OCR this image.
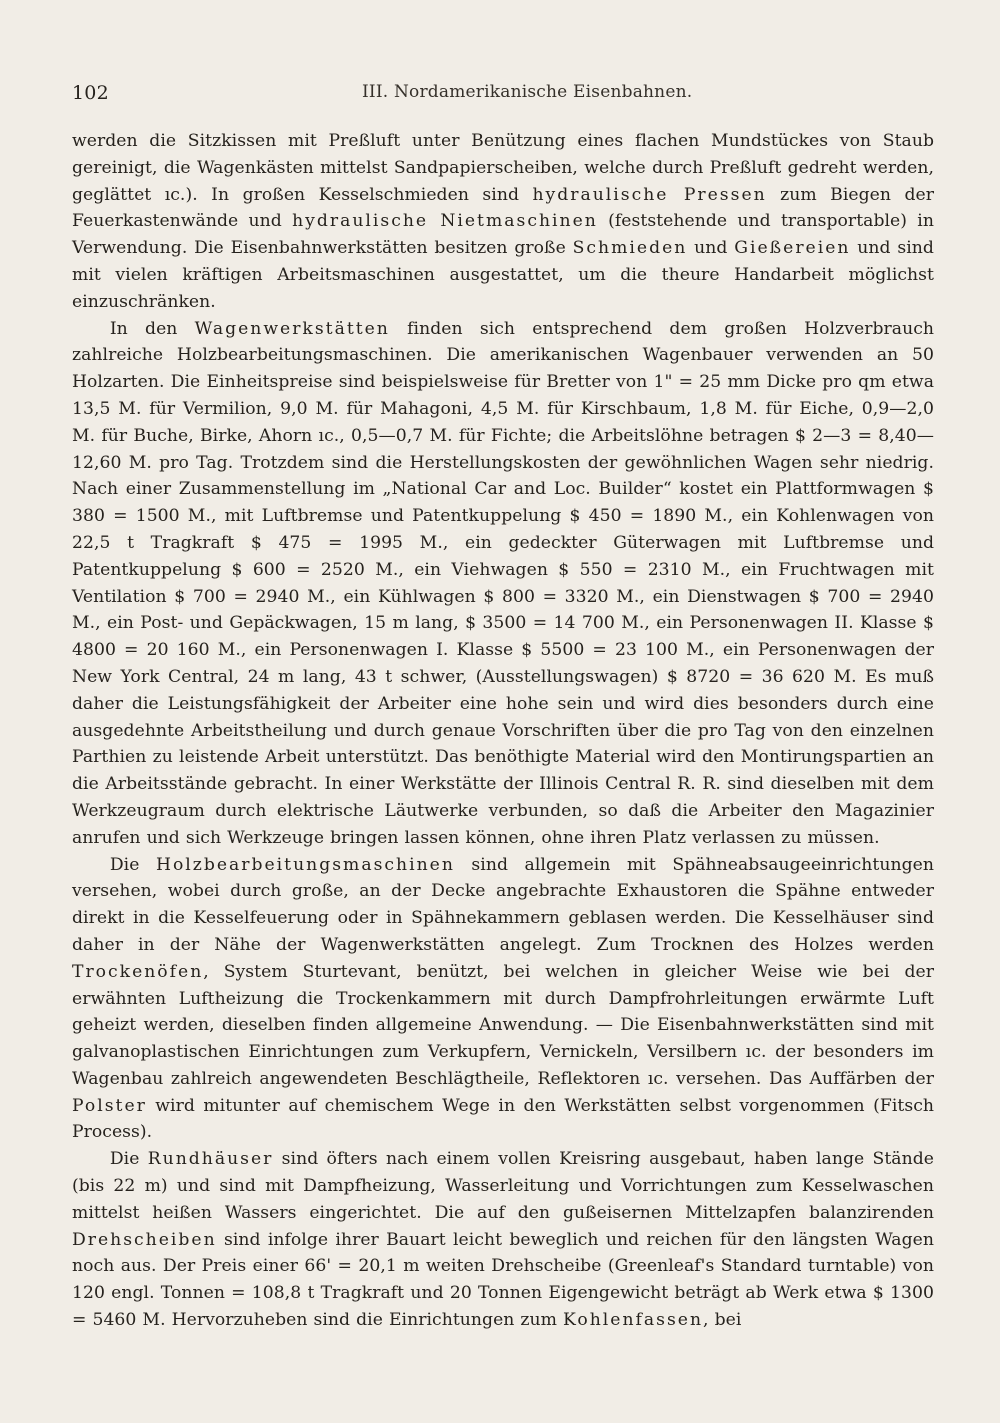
102	III. Nordamerikanische Eisenbahnen.

werden die Sitzkissen mit Preßluft unter Benützung eines flachen Mundstückes von Staub gereinigt, die Wagenkästen mittelst Sandpapierscheiben, welche durch Preßluft gedreht werden, geglättet ıc.). In großen Kesselschmieden sind hydraulische Pressen zum Biegen der Feuerkastenwände und hydraulische Nietmaschinen (feststehende und transportable) in Verwendung. Die Eisenbahnwerkstätten besitzen große Schmieden und Gießereien und sind mit vielen kräftigen Arbeitsmaschinen ausgestattet, um die theure Handarbeit möglichst einzuschränken.

In den Wagenwerkstätten finden sich entsprechend dem großen Holzverbrauch zahlreiche Holzbearbeitungsmaschinen. Die amerikanischen Wagenbauer verwenden an 50 Holzarten. Die Einheitspreise sind beispielsweise für Bretter von 1" = 25 mm Dicke pro qm etwa 13,5 M. für Vermilion, 9,0 M. für Mahagoni, 4,5 M. für Kirschbaum, 1,8 M. für Eiche, 0,9—2,0 M. für Buche, Birke, Ahorn ıc., 0,5—0,7 M. für Fichte; die Arbeitslöhne betragen $ 2—3 = 8,40—12,60 M. pro Tag. Trotzdem sind die Herstellungskosten der gewöhnlichen Wagen sehr niedrig. Nach einer Zusammenstellung im „National Car and Loc. Builder“ kostet ein Plattformwagen $ 380 = 1500 M., mit Luftbremse und Patentkuppelung $ 450 = 1890 M., ein Kohlenwagen von 22,5 t Tragkraft $ 475 = 1995 M., ein gedeckter Güterwagen mit Luftbremse und Patentkuppelung $ 600 = 2520 M., ein Viehwagen $ 550 = 2310 M., ein Fruchtwagen mit Ventilation $ 700 = 2940 M., ein Kühlwagen $ 800 = 3320 M., ein Dienstwagen $ 700 = 2940 M., ein Post- und Gepäckwagen, 15 m lang, $ 3500 = 14 700 M., ein Personenwagen II. Klasse $ 4800 = 20 160 M., ein Personenwagen I. Klasse $ 5500 = 23 100 M., ein Personenwagen der New York Central, 24 m lang, 43 t schwer, (Ausstellungswagen) $ 8720 = 36 620 M. Es muß daher die Leistungsfähigkeit der Arbeiter eine hohe sein und wird dies besonders durch eine ausgedehnte Arbeitstheilung und durch genaue Vorschriften über die pro Tag von den einzelnen Parthien zu leistende Arbeit unterstützt. Das benöthigte Material wird den Montirungspartien an die Arbeitsstände gebracht. In einer Werkstätte der Illinois Central R. R. sind dieselben mit dem Werkzeugraum durch elektrische Läutwerke verbunden, so daß die Arbeiter den Magazinier anrufen und sich Werkzeuge bringen lassen können, ohne ihren Platz verlassen zu müssen.

Die Holzbearbeitungsmaschinen sind allgemein mit Spähneabsaugeeinrichtungen versehen, wobei durch große, an der Decke angebrachte Exhaustoren die Spähne entweder direkt in die Kesselfeuerung oder in Spähnekammern geblasen werden. Die Kesselhäuser sind daher in der Nähe der Wagenwerkstätten angelegt. Zum Trocknen des Holzes werden Trockenöfen, System Sturtevant, benützt, bei welchen in gleicher Weise wie bei der erwähnten Luftheizung die Trockenkammern mit durch Dampfrohrleitungen erwärmte Luft geheizt werden, dieselben finden allgemeine Anwendung. — Die Eisenbahnwerkstätten sind mit galvanoplastischen Einrichtungen zum Verkupfern, Vernickeln, Versilbern ıc. der besonders im Wagenbau zahlreich angewendeten Beschlägtheile, Reflektoren ıc. versehen. Das Auffärben der Polster wird mitunter auf chemischem Wege in den Werkstätten selbst vorgenommen (Fitsch Process).

Die Rundhäuser sind öfters nach einem vollen Kreisring ausgebaut, haben lange Stände (bis 22 m) und sind mit Dampfheizung, Wasserleitung und Vorrichtungen zum Kesselwaschen mittelst heißen Wassers eingerichtet. Die auf den gußeisernen Mittelzapfen balanzirenden Drehscheiben sind infolge ihrer Bauart leicht beweglich und reichen für den längsten Wagen noch aus. Der Preis einer 66' = 20,1 m weiten Drehscheibe (Greenleaf's Standard turntable) von 120 engl. Tonnen = 108,8 t Tragkraft und 20 Tonnen Eigengewicht beträgt ab Werk etwa $ 1300 = 5460 M. Hervorzuheben sind die Einrichtungen zum Kohlenfassen, bei
